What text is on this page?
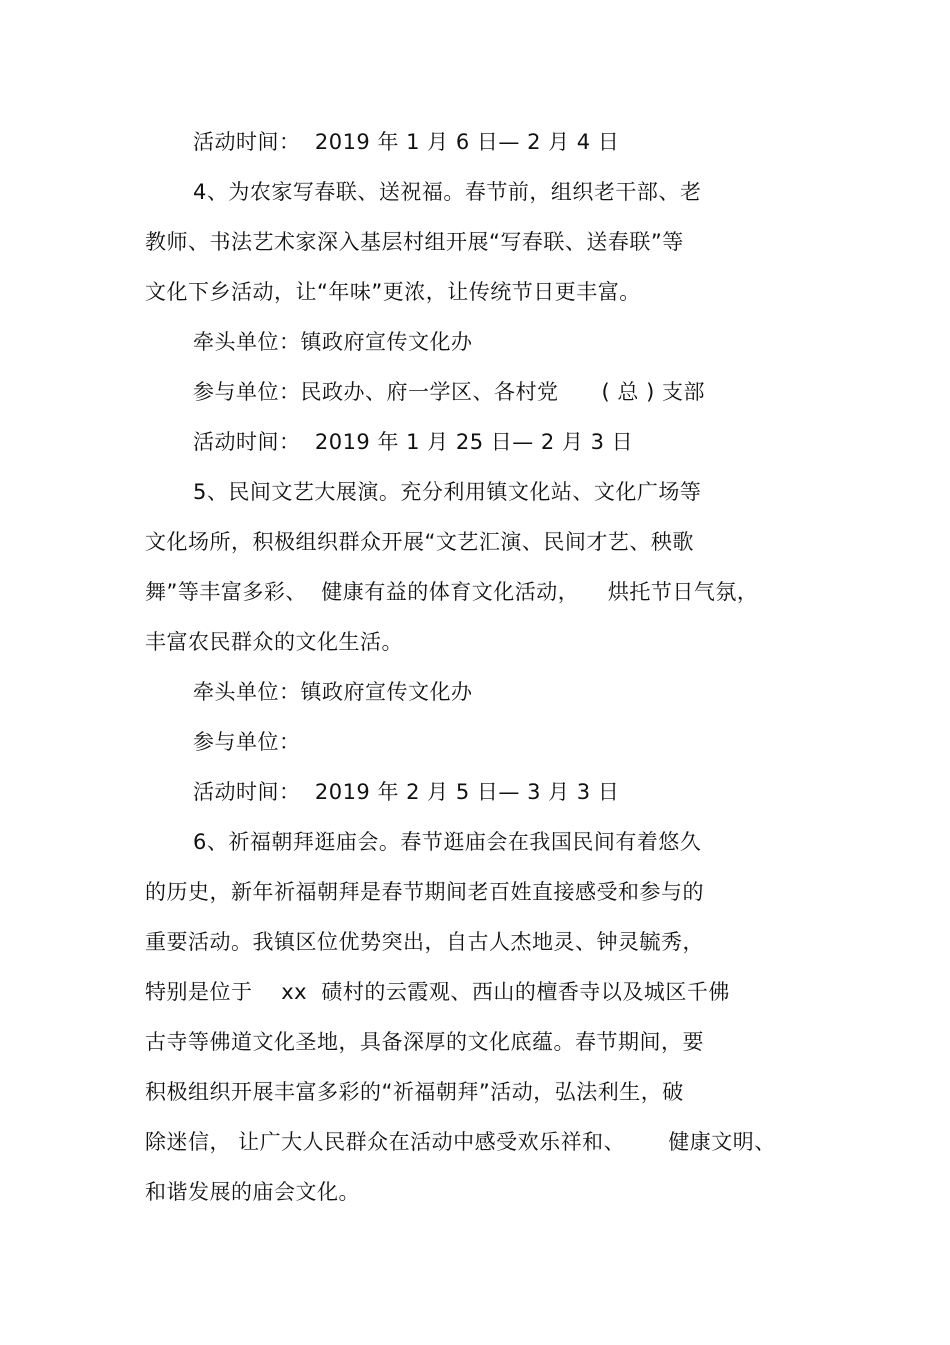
活动时间：  2019 年 1 月 6 日— 2 月 4 日
4、为农家写春联、送祝福。春节前，组织老干部、老
教师、书法艺术家深入基层村组开展“写春联、送春联”等
文化下乡活动，让“年味”更浓，让传统节日更丰富。
牵头单位：镇政府宣传文化办
参与单位：民政办、府一学区、各村党      ( 总 ) 支部
活动时间：  2019 年 1 月 25 日— 2 月 3 日
5、民间文艺大展演。充分利用镇文化站、文化广场等
文化场所，积极组织群众开展“文艺汇演、民间才艺、秧歌
舞”等丰富多彩、  健康有益的体育文化活动，    烘托节日气氛，
丰富农民群众的文化生活。
牵头单位：镇政府宣传文化办
参与单位：
活动时间：  2019 年 2 月 5 日— 3 月 3 日
6、祈福朝拜逛庙会。春节逛庙会在我国民间有着悠久
的历史，新年祈福朝拜是春节期间老百姓直接感受和参与的
重要活动。我镇区位优势突出，自古人杰地灵、钟灵毓秀，
特别是位于    xx  碛村的云霞观、西山的檀香寺以及城区千佛
古寺等佛道文化圣地，具备深厚的文化底蕴。春节期间，要
积极组织开展丰富多彩的“祈福朝拜”活动，弘法利生，破
除迷信， 让广大人民群众在活动中感受欢乐祥和、      健康文明、
和谐发展的庙会文化。
